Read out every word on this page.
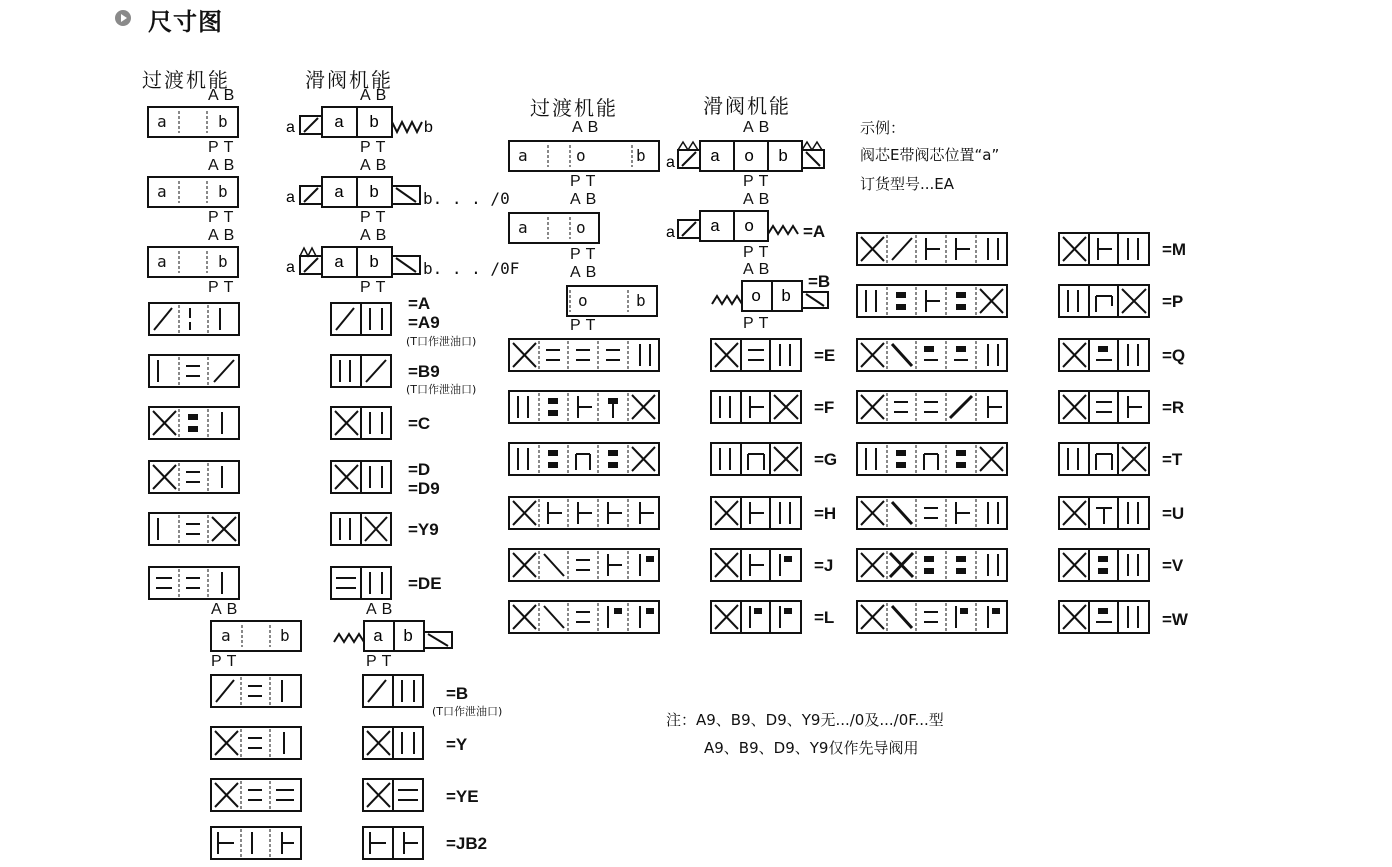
尺寸图
过渡机能	滑阀机能
过渡机能	滑阀机能
示例：
阀芯E带阀芯位置“a”
订货型号...EA
AB
a	b
PT
AB
a	b
PT
AB
a	b
PT
AB
a a b	b
PT
AB
a a b	b. . . /0
PT
AB
a a b	b. . . /0F
PT
=A
=A9
(T口作泄油口)
=B9
(T口作泄油口)
=C
=D
=D9
=Y9
=DE
AB
a	b
PT
AB
a b
PT
=B
(T口作泄油口)
=Y
=YE
=JB2
AB
a	o	b
PT
AB
a	o
PT
AB
o	b
PT
AB
a a o b
PT
AB
a a o	=A
PT
AB
o b
=B
PT
=E
=F
=G
=H
=J
=L
=M
=P
=Q
=R
=T
=U
=V
=W
注：A9、B9、D9、Y9无.../0及.../0F...型
A9、B9、D9、Y9仅作先导阀用
